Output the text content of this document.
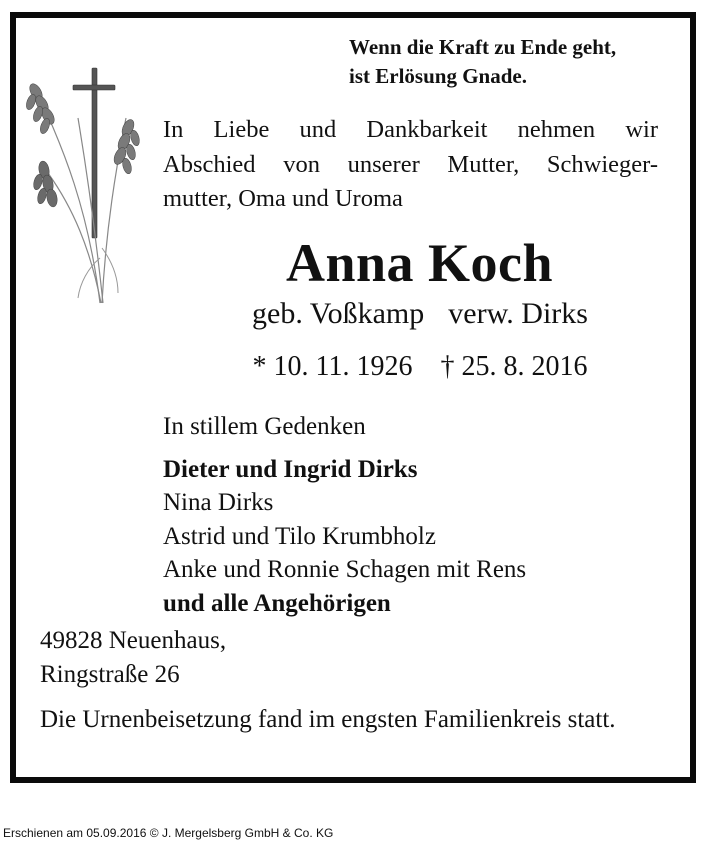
Wenn die Kraft zu Ende geht,
ist Erlösung Gnade.
In Liebe und Dankbarkeit nehmen wir
Abschied von unserer Mutter, Schwieger-
mutter, Oma und Uroma
Anna Koch
geb. Voßkamp verw. Dirks
* 10. 11. 1926 † 25. 8. 2016
In stillem Gedenken
Dieter und Ingrid Dirks
Nina Dirks
Astrid und Tilo Krumbholz
Anke und Ronnie Schagen mit Rens
und alle Angehörigen
49828 Neuenhaus,
Ringstraße 26
Die Urnenbeisetzung fand im engsten Familienkreis statt.
Erschienen am 05.09.2016 © J. Mergelsberg GmbH & Co. KG
